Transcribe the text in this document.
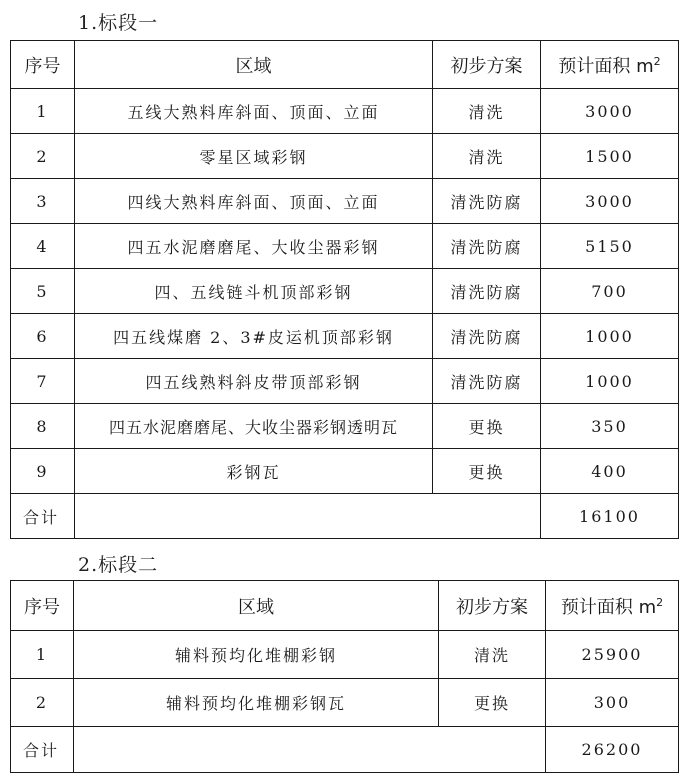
1.标段一
序号	区域	初步方案	预计面积 $m^2$
1	五线大熟料库斜面、顶面、立面	清洗	3000
2	零星区域彩钢	清洗	1500
3	四线大熟料库斜面、顶面、立面	清洗防腐	3000
4	四五水泥磨磨尾、大收尘器彩钢	清洗防腐	5150
5	四、五线链斗机顶部彩钢	清洗防腐	700
6	四五线煤磨 2、3#皮运机顶部彩钢	清洗防腐	1000
7	四五线熟料斜皮带顶部彩钢	清洗防腐	1000
8	四五水泥磨磨尾、大收尘器彩钢透明瓦	更换	350
9	彩钢瓦	更换	400
合计			16100
2.标段二
序号	区域	初步方案	预计面积 $m^2$
1	辅料预均化堆棚彩钢	清洗	25900
2	辅料预均化堆棚彩钢瓦	更换	300
合计			26200
